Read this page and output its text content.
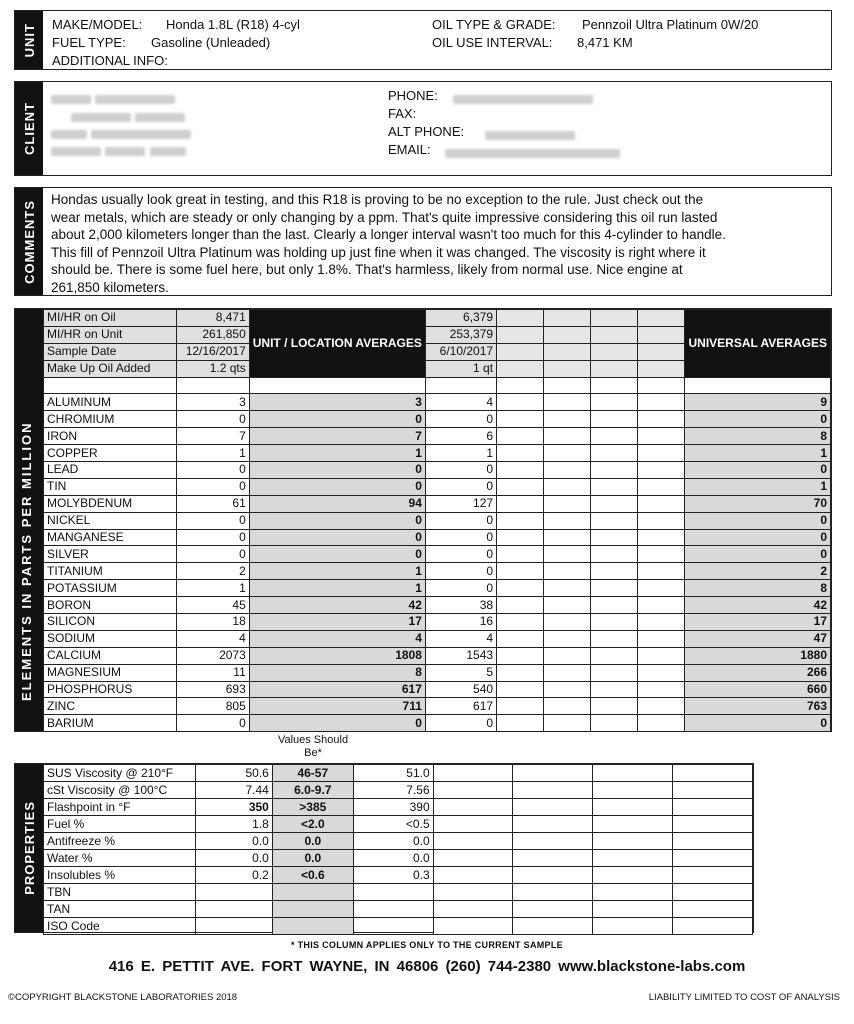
UNIT MAKE/MODEL: Honda 1.8L (R18) 4-cyl
FUEL TYPE: Gasoline (Unleaded)
ADDITIONAL INFO:
OIL TYPE & GRADE: Pennzoil Ultra Platinum 0W/20
OIL USE INTERVAL: 8,471 KM
CLIENT

PHONE:
FAX:
ALT PHONE:
EMAIL:
COMMENTS
Hondas usually look great in testing, and this R18 is proving to be no exception to the rule. Just check out the wear metals, which are steady or only changing by a ppm. That's quite impressive considering this oil run lasted about 2,000 kilometers longer than the last. Clearly a longer interval wasn't too much for this 4-cylinder to handle. This fill of Pennzoil Ultra Platinum was holding up just fine when it was changed. The viscosity is right where it should be. There is some fuel here, but only 1.8%. That's harmless, likely from normal use. Nice engine at 261,850 kilometers.
ELEMENTS IN PARTS PER MILLION
MI/HR on Oil	8,471	UNIT / LOCATION AVERAGES	6,379					UNIVERSAL AVERAGES
MI/HR on Unit	261,850		253,379					
Sample Date	12/16/2017		6/10/2017					
Make Up Oil Added	1.2 qts		1 qt					

ALUMINUM	3	3	4					9
CHROMIUM	0	0	0					0
IRON	7	7	6					8
COPPER	1	1	1					1
LEAD	0	0	0					0
TIN	0	0	0					1
MOLYBDENUM	61	94	127					70
NICKEL	0	0	0					0
MANGANESE	0	0	0					0
SILVER	0	0	0					0
TITANIUM	2	1	0					2
POTASSIUM	1	1	0					8
BORON	45	42	38					42
SILICON	18	17	16					17
SODIUM	4	4	4					47
CALCIUM	2073	1808	1543					1880
MAGNESIUM	11	8	5					266
PHOSPHORUS	693	617	540					660
ZINC	805	711	617					763
BARIUM	0	0	0					0
Values Should Be*
PROPERTIES
SUS Viscosity @ 210°F	50.6	46-57	51.0				
cSt Viscosity @ 100°C	7.44	6.0-9.7	7.56				
Flashpoint in °F	350	>385	390				
Fuel %	1.8	<2.0	<0.5				
Antifreeze %	0.0	0.0	0.0				
Water %	0.0	0.0	0.0				
Insolubles %	0.2	<0.6	0.3				
TBN							
TAN							
ISO Code							
* THIS COLUMN APPLIES ONLY TO THE CURRENT SAMPLE
416 E. PETTIT AVE. FORT WAYNE, IN 46806 (260) 744-2380 www.blackstone-labs.com
©COPYRIGHT BLACKSTONE LABORATORIES 2018	LIABILITY LIMITED TO COST OF ANALYSIS
